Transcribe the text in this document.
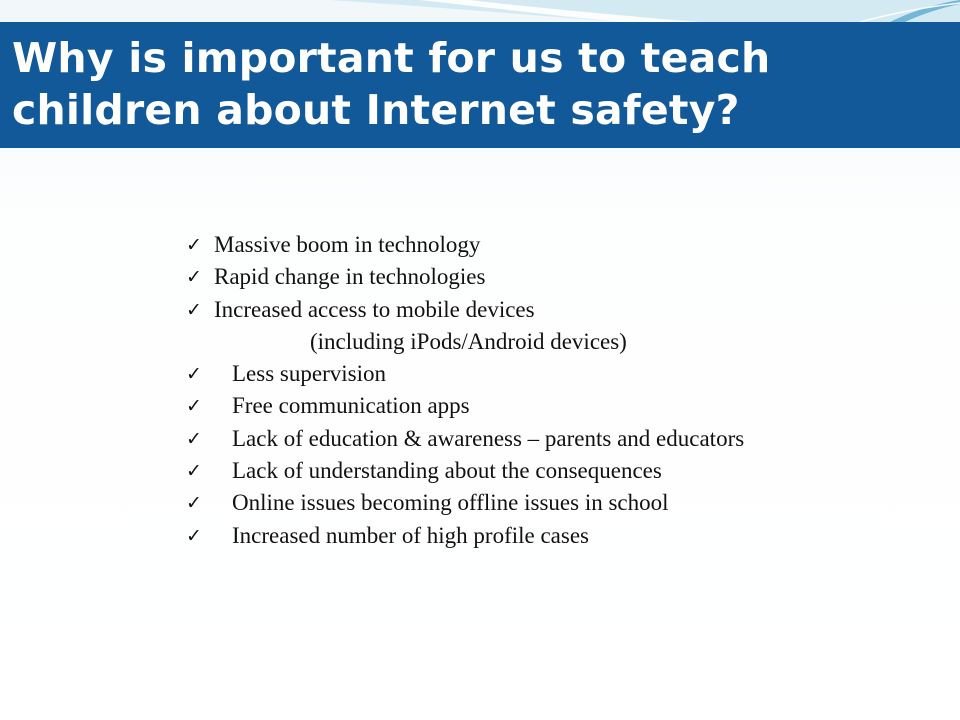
Why is important for us to teach children about Internet safety?
✓ Massive boom in technology
✓ Rapid change in technologies
✓ Increased access to mobile devices
(including iPods/Android devices)
✓ Less supervision
✓ Free communication apps
✓ Lack of education & awareness – parents and educators
✓ Lack of understanding about the consequences
✓ Online issues becoming offline issues in school
✓ Increased number of high profile cases
